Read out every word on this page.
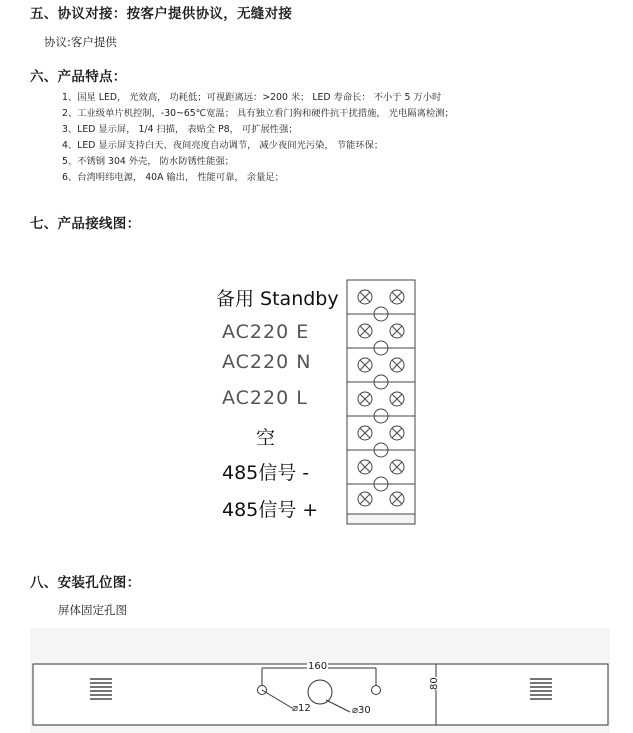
五、协议对接：按客户提供协议，无缝对接
协议:客户提供
六、产品特点：
1、国星 LED， 光效高， 功耗低；可视距离远：>200 米； LED 寿命长： 不小于 5 万小时
2、工业级单片机控制，-30~65℃宽温； 具有独立看门狗和硬件抗干扰措施， 光电隔离检测；
3、LED 显示屏， 1/4 扫描， 表贴全 P8， 可扩展性强；
4、LED 显示屏支持白天、夜间亮度自动调节， 减少夜间光污染， 节能环保；
5、不锈钢 304 外壳， 防水防锈性能强；
6、台湾明纬电源， 40A 输出， 性能可靠， 余量足；
七、产品接线图：
备用 Standby
AC220 E
AC220 N
AC220 L
空
485信号 -
485信号 +
八、安装孔位图：
屏体固定孔图
160
80
⌀12	⌀30
